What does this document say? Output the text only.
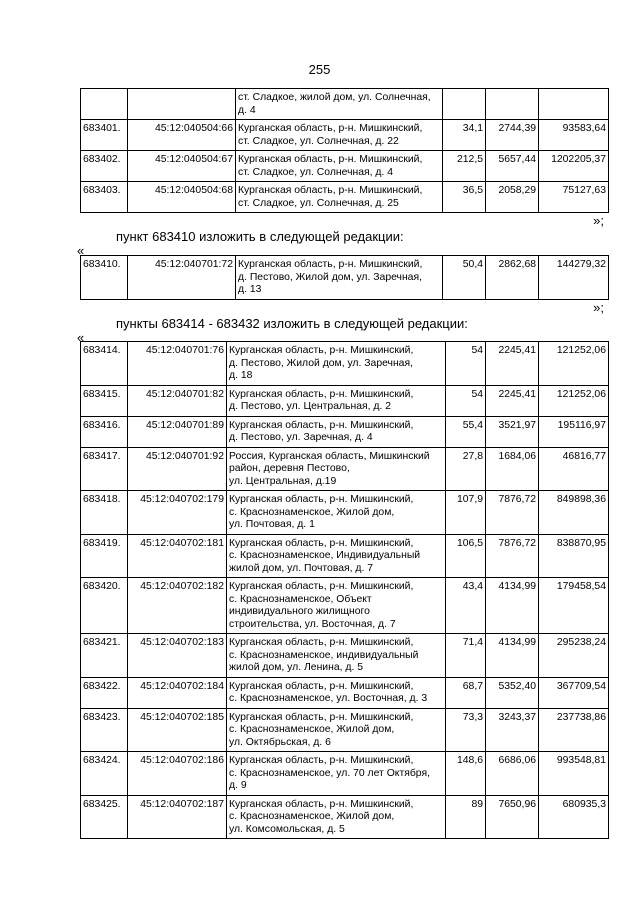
255
		ст. Сладкое, жилой дом, ул. Солнечная,
д. 4			
683401.	45:12:040504:66	Курганская область, р-н. Мишкинский,
ст. Сладкое, ул. Солнечная, д. 22	34,1	2744,39	93583,64
683402.	45:12:040504:67	Курганская область, р-н. Мишкинский,
ст. Сладкое, ул. Солнечная, д. 4	212,5	5657,44	1202205,37
683403.	45:12:040504:68	Курганская область, р-н. Мишкинский,
ст. Сладкое, ул. Солнечная, д. 25	36,5	2058,29	75127,63
»;
пункт 683410 изложить в следующей редакции:
«
683410.	45:12:040701:72	Курганская область, р-н. Мишкинский,
д. Пестово, Жилой дом, ул. Заречная,
д. 13	50,4	2862,68	144279,32
»;
пункты 683414 - 683432 изложить в следующей редакции:
«
683414.	45:12:040701:76	Курганская область, р-н. Мишкинский,
д. Пестово, Жилой дом, ул. Заречная,
д. 18	54	2245,41	121252,06
683415.	45:12:040701:82	Курганская область, р-н. Мишкинский,
д. Пестово, ул. Центральная, д. 2	54	2245,41	121252,06
683416.	45:12:040701:89	Курганская область, р-н. Мишкинский,
д. Пестово, ул. Заречная, д. 4	55,4	3521,97	195116,97
683417.	45:12:040701:92	Россия, Курганская область, Мишкинский
район, деревня Пестово,
ул. Центральная, д.19	27,8	1684,06	46816,77
683418.	45:12:040702:179	Курганская область, р-н. Мишкинский,
с. Краснознаменское, Жилой дом,
ул. Почтовая, д. 1	107,9	7876,72	849898,36
683419.	45:12:040702:181	Курганская область, р-н. Мишкинский,
с. Краснознаменское, Индивидуальный
жилой дом, ул. Почтовая, д. 7	106,5	7876,72	838870,95
683420.	45:12:040702:182	Курганская область, р-н. Мишкинский,
с. Краснознаменское, Объект
индивидуального жилищного
строительства, ул. Восточная, д. 7	43,4	4134,99	179458,54
683421.	45:12:040702:183	Курганская область, р-н. Мишкинский,
с. Краснознаменское, индивидуальный
жилой дом, ул. Ленина, д. 5	71,4	4134,99	295238,24
683422.	45:12:040702:184	Курганская область, р-н. Мишкинский,
с. Краснознаменское, ул. Восточная, д. 3	68,7	5352,40	367709,54
683423.	45:12:040702:185	Курганская область, р-н. Мишкинский,
с. Краснознаменское, Жилой дом,
ул. Октябрьская, д. 6	73,3	3243,37	237738,86
683424.	45:12:040702:186	Курганская область, р-н. Мишкинский,
с. Краснознаменское, ул. 70 лет Октября,
д. 9	148,6	6686,06	993548,81
683425.	45:12:040702:187	Курганская область, р-н. Мишкинский,
с. Краснознаменское, Жилой дом,
ул. Комсомольская, д. 5	89	7650,96	680935,3
